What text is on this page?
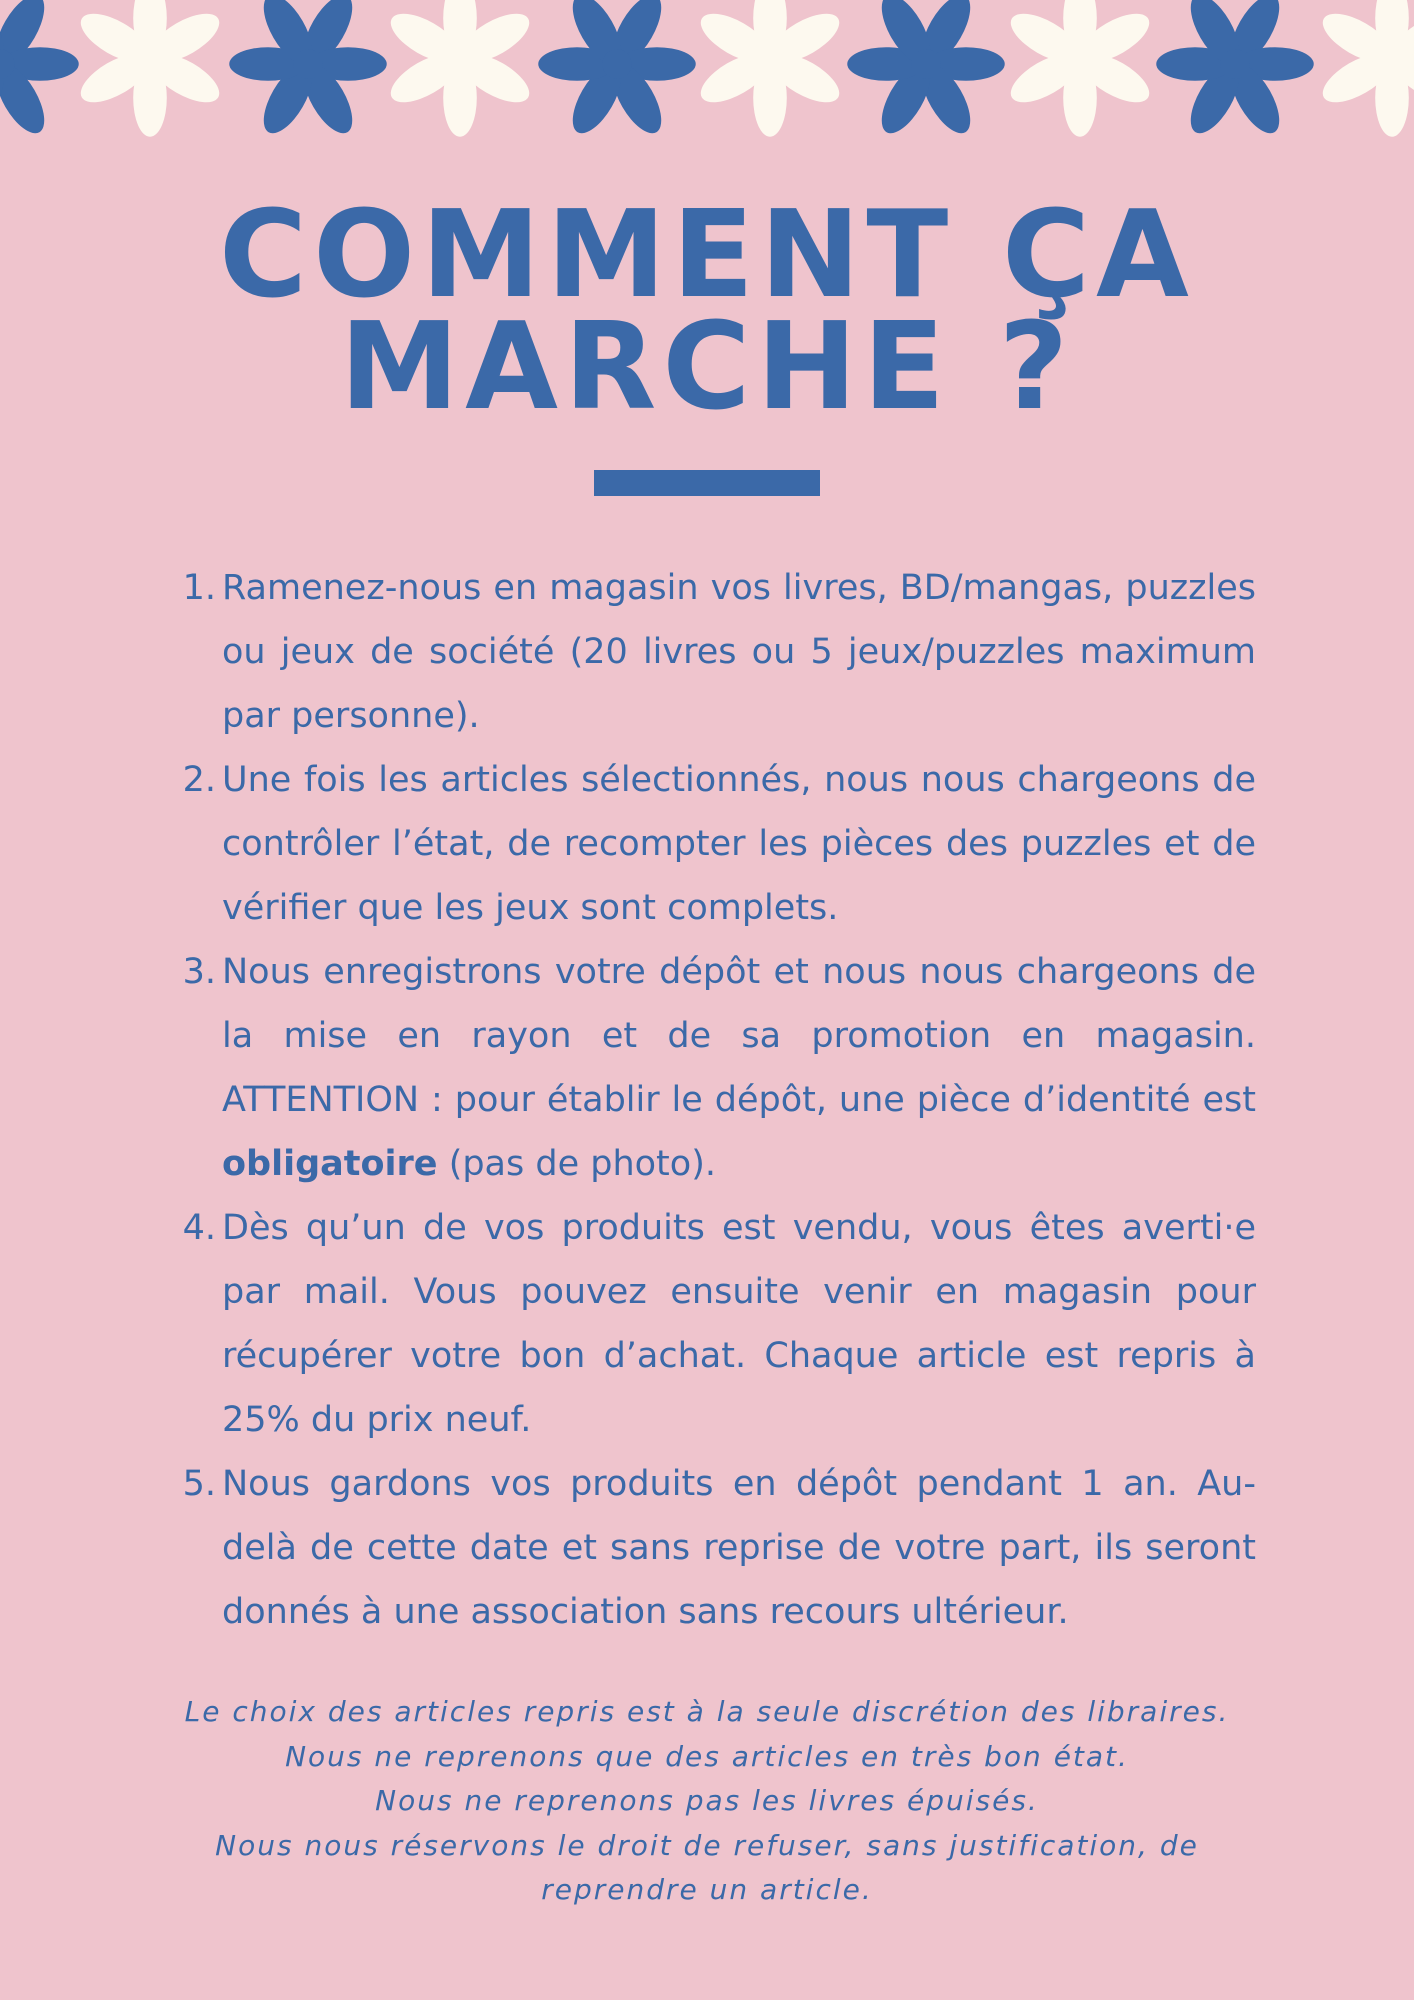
COMMENT ÇA
MARCHE ?
1. Ramenez-nous en magasin vos livres, BD/mangas, puzzles ou jeux de société (20 livres ou 5 jeux/puzzles maximum par personne).
2. Une fois les articles sélectionnés, nous nous chargeons de contrôler l’état, de recompter les pièces des puzzles et de vérifier que les jeux sont complets.
3. Nous enregistrons votre dépôt et nous nous chargeons de la mise en rayon et de sa promotion en magasin. ATTENTION : pour établir le dépôt, une pièce d’identité est obligatoire (pas de photo).
4. Dès qu’un de vos produits est vendu, vous êtes averti·e par mail. Vous pouvez ensuite venir en magasin pour récupérer votre bon d’achat. Chaque article est repris à 25% du prix neuf.
5. Nous gardons vos produits en dépôt pendant 1 an. Au-delà de cette date et sans reprise de votre part, ils seront donnés à une association sans recours ultérieur.
Le choix des articles repris est à la seule discrétion des libraires.
Nous ne reprenons que des articles en très bon état.
Nous ne reprenons pas les livres épuisés.
Nous nous réservons le droit de refuser, sans justification, de
reprendre un article.
